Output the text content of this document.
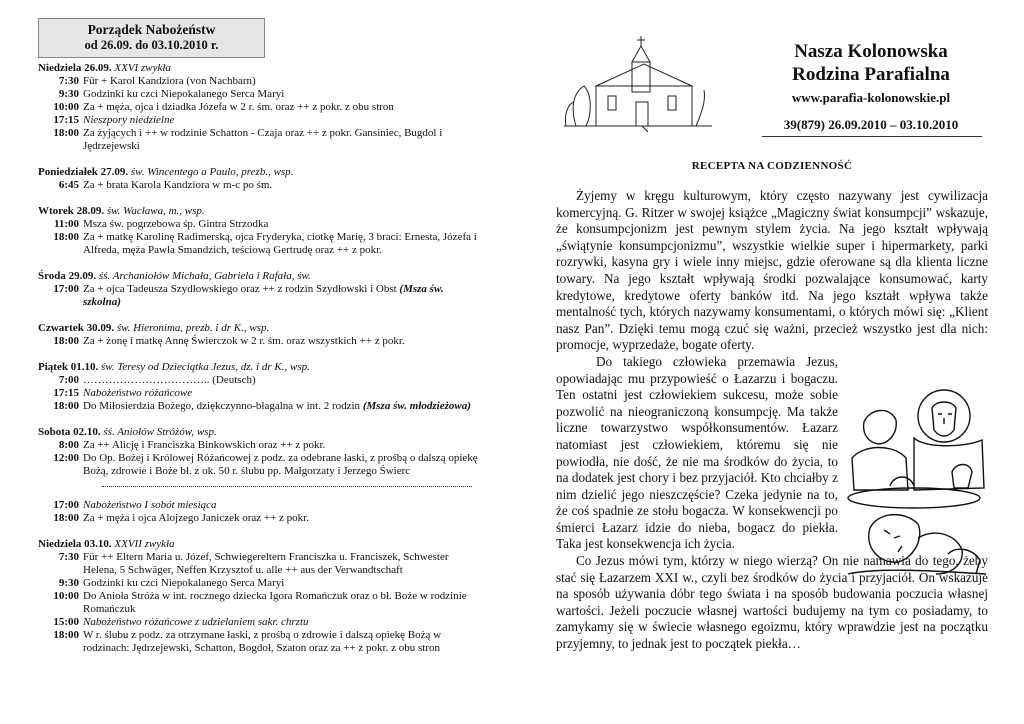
Porządek Nabożeństw
od 26.09. do 03.10.2010 r.
Niedziela 26.09. XXVI zwykła
7:30 Für + Karol Kandziora (von Nachbarn)
9:30 Godzinki ku czci Niepokalanego Serca Maryi
10:00 Za + męża, ojca i dziadka Józefa w 2 r. śm. oraz ++ z pokr. z obu stron
17:15 Nieszpory niedzielne
18:00 Za żyjących i ++ w rodzinie Schatton - Czaja oraz ++ z pokr. Gansiniec, Bugdol i Jędrzejewski
Poniedziałek 27.09. św. Wincentego a Paulo, prezb., wsp.
6:45 Za + brata Karola Kandziora w m-c po śm.
Wtorek 28.09. św. Wacława, m., wsp.
11:00 Msza św. pogrzebowa śp. Gintra Strzodka
18:00 Za + matkę Karolinę Radimerską, ojca Fryderyka, ciotkę Marię, 3 braci: Ernesta, Józefa i Alfreda, męża Pawła Smandzich, teściową Gertrudę oraz ++ z pokr.
Środa 29.09. śś. Archaniołów Michała, Gabriela i Rafała, św.
17:00 Za + ojca Tadeusza Szydłowskiego oraz ++ z rodzin Szydłowski i Obst (Msza św. szkolna)
Czwartek 30.09. św. Hieronima, prezb. i dr K., wsp.
18:00 Za + żonę i matkę Annę Świerczok w 2 r. śm. oraz wszystkich ++ z pokr.
Piątek 01.10. św. Teresy od Dzieciątka Jezus, dz. i dr K., wsp.
7:00 …………………………….. (Deutsch)
17:15 Nabożeństwo różańcowe
18:00 Do Miłosierdzia Bożego, dziękczynno-błagalna w int. 2 rodzin (Msza św. młodzieżowa)
Sobota 02.10. śś. Aniołów Stróżów, wsp.
8:00 Za ++ Alicję i Franciszka Binkowskich oraz ++ z pokr.
12:00 Do Op. Bożej i Królowej Różańcowej z podz. za odebrane łaski, z prośbą o dalszą opiekę Bożą, zdrowie i Boże bł. z ok. 50 r. ślubu pp. Małgorzaty i Jerzego Świerc
17:00 Nabożeństwo I sobót miesiąca
18:00 Za + męża i ojca Alojzego Janiczek oraz ++ z pokr.
Niedziela 03.10. XXVII zwykła
7:30 Für ++ Eltern Maria u. Józef, Schwiegereltern Franciszka u. Franciszek, Schwester Helena, 5 Schwäger, Neffen Krzysztof u. alle ++ aus der Verwandtschaft
9:30 Godzinki ku czci Niepokalanego Serca Maryi
10:00 Do Anioła Stróża w int. rocznego dziecka Igora Romańczuk oraz o bł. Boże w rodzinie Romańczuk
15:00 Nabożeństwo różańcowe z udzielaniem sakr. chrztu
18:00 W r. ślubu z podz. za otrzymane łaski, z prośbą o zdrowie i dalszą opiekę Bożą w rodzinach: Jędrzejewski, Schatton, Bogdoł, Szaton oraz za ++ z pokr. z obu stron
Nasza Kolonowska
Rodzina Parafialna
www.parafia-kolonowskie.pl
39(879) 26.09.2010 – 03.10.2010
RECEPTA NA CODZIENNOŚĆ

Żyjemy w kręgu kulturowym, który często nazywany jest cywilizacja komercyjną. G. Ritzer w swojej książce „Magiczny świat konsumpcji” wskazuje, że konsumpcjonizm jest pewnym stylem życia. Na jego kształt wpływają „świątynie konsumpcjonizmu”, wszystkie wielkie super i hipermarkety, parki rozrywki, kasyna gry i wiele inny miejsc, gdzie oferowane są dla klienta liczne towary. Na jego kształt wpływają środki pozwalające konsumować, karty kredytowe, kredytowe oferty banków itd. Na jego kształt wpływa także mentalność tych, których nazywamy konsumentami, o których mówi się: „Klient nasz Pan”. Dzięki temu mogą czuć się ważni, przecież wszystko jest dla nich: promocje, wyprzedaże, bogate oferty.

Do takiego człowieka przemawia Jezus, opowiadając mu przypowieść o Łazarzu i bogaczu. Ten ostatni jest człowiekiem sukcesu, może sobie pozwolić na nieograniczoną konsumpcję. Ma także liczne towarzystwo współkonsumentów. Łazarz natomiast jest człowiekiem, któremu się nie powiodła, nie dość, że nie ma środków do życia, to na dodatek jest chory i bez przyjaciół. Kto chciałby z nim dzielić jego nieszczęście? Czeka jedynie na to, że coś spadnie ze stołu bogacza. W konsekwencji po śmierci Łazarz idzie do nieba, bogacz do piekła. Taka jest konsekwencja ich życia.

Co Jezus mówi tym, którzy w niego wierzą? On nie namawia do tego, żeby stać się Łazarzem XXI w., czyli bez środków do życia i przyjaciół. On wskazuje na sposób używania dóbr tego świata i na sposób budowania poczucia własnej wartości. Jeżeli poczucie własnej wartości budujemy na tym co posiadamy, to zamykamy się w świecie własnego egoizmu, który wprawdzie jest na początku przyjemny, to jednak jest to początek piekła…
